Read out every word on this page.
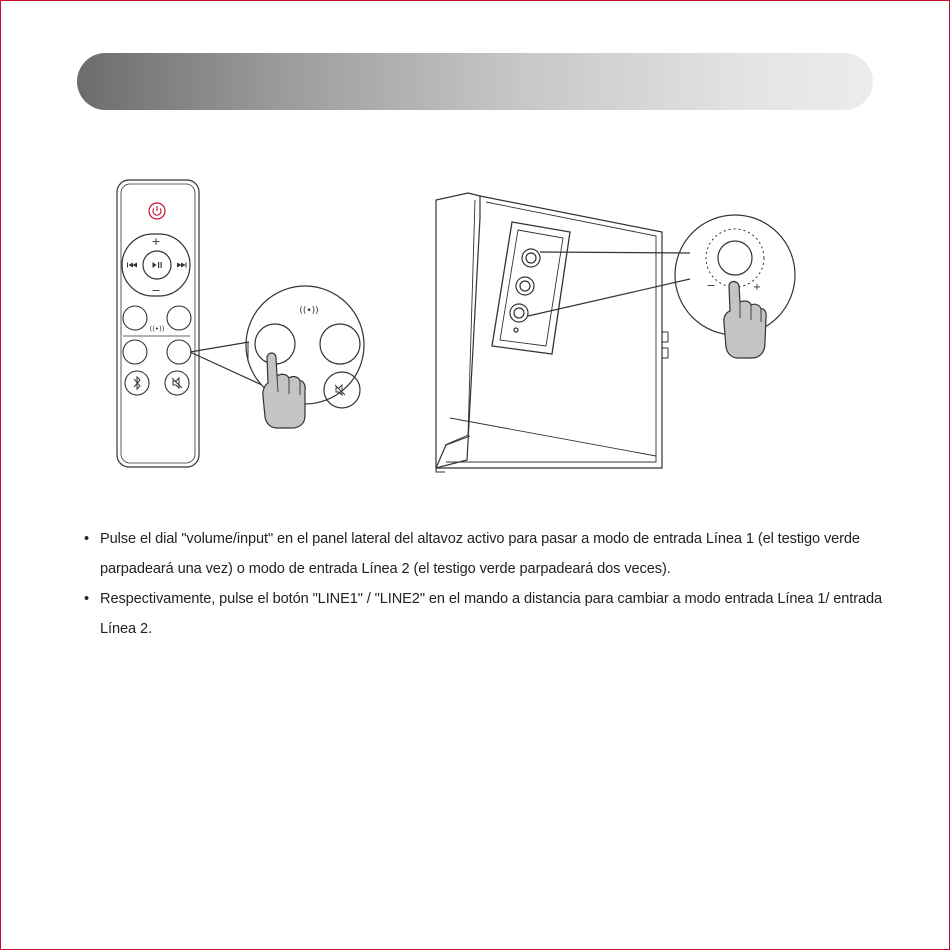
+
−
((•))
((•))
−	+
• Pulse el dial "volume/input" en el panel lateral del altavoz activo para pasar a modo de entrada Línea 1 (el testigo verde parpadeará una vez) o modo de entrada Línea 2 (el testigo verde parpadeará dos veces).
• Respectivamente, pulse el botón "LINE1" / "LINE2" en el mando a distancia para cambiar a modo entrada Línea 1/ entrada Línea 2.
